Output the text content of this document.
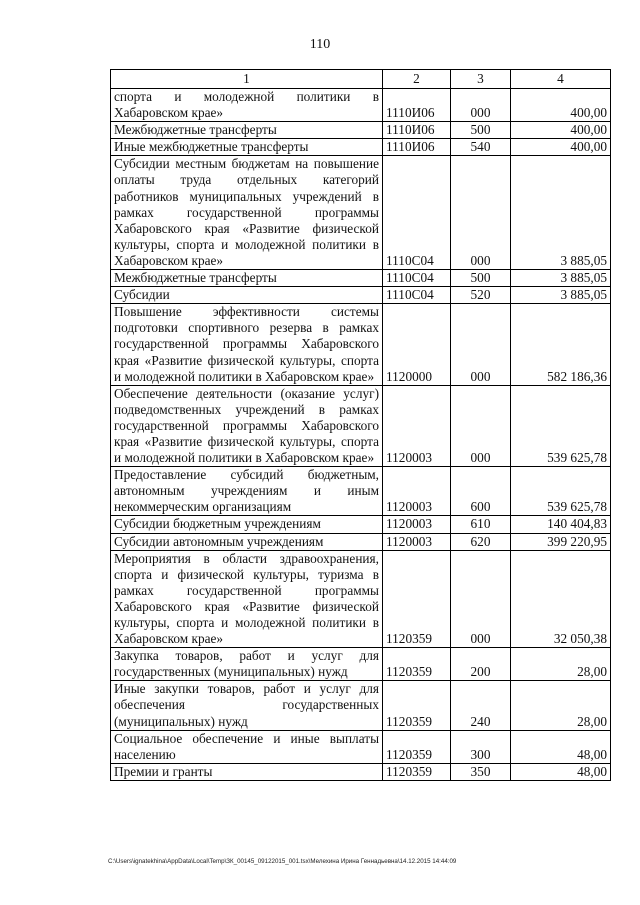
110
1	2	3	4
спорта и молодежной политики в Хабаровском крае»	1110И06	000	400,00
Межбюджетные трансферты	1110И06	500	400,00
Иные межбюджетные трансферты	1110И06	540	400,00
Субсидии местным бюджетам на повышение оплаты труда отдельных категорий работников муниципальных учреждений в рамках государственной программы Хабаровского края «Развитие физической культуры, спорта и молодежной политики в Хабаровском крае»	1110С04	000	3 885,05
Межбюджетные трансферты	1110С04	500	3 885,05
Субсидии	1110С04	520	3 885,05
Повышение эффективности системы подготовки спортивного резерва в рамках государственной программы Хабаровского края «Развитие физической культуры, спорта и молодежной политики в Хабаровском крае»	1120000	000	582 186,36
Обеспечение деятельности (оказание услуг) подведомственных учреждений в рамках государственной программы Хабаровского края «Развитие физической культуры, спорта и молодежной политики в Хабаровском крае»	1120003	000	539 625,78
Предоставление субсидий бюджетным, автономным учреждениям и иным некоммерческим организациям	1120003	600	539 625,78
Субсидии бюджетным учреждениям	1120003	610	140 404,83
Субсидии автономным учреждениям	1120003	620	399 220,95
Мероприятия в области здравоохранения, спорта и физической культуры, туризма в рамках государственной программы Хабаровского края «Развитие физической культуры, спорта и молодежной политики в Хабаровском крае»	1120359	000	32 050,38
Закупка товаров, работ и услуг для государственных (муниципальных) нужд	1120359	200	28,00
Иные закупки товаров, работ и услуг для обеспечения государственных (муниципальных) нужд	1120359	240	28,00
Социальное обеспечение и иные выплаты населению	1120359	300	48,00
Премии и гранты	1120359	350	48,00
C:\Users\ignatekhina\AppData\Local\Temp\ЗК_00145_09122015_001.tsx\Мелехина Ирина Геннадьевна\14.12.2015 14:44:09
